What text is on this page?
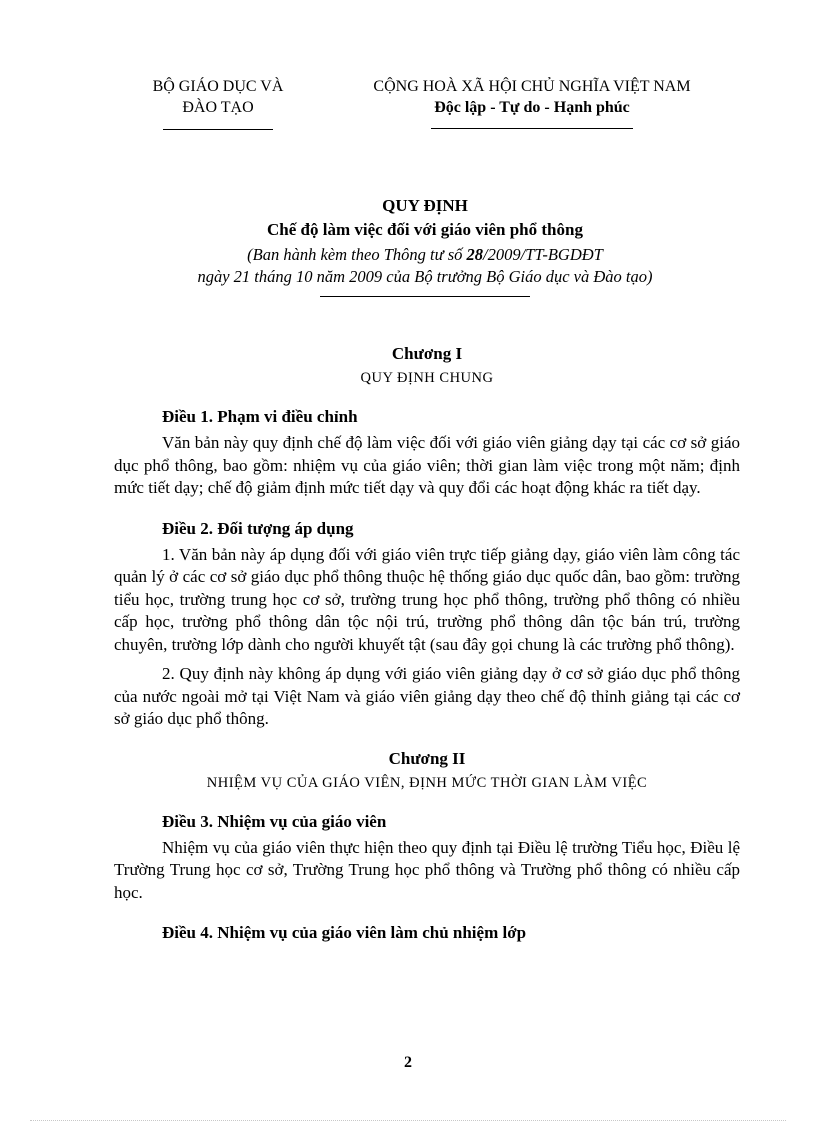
BỘ GIÁO DỤC VÀ
ĐÀO TẠO
CỘNG HOÀ XÃ HỘI CHỦ NGHĨA VIỆT NAM
Độc lập - Tự do - Hạnh phúc
QUY ĐỊNH
Chế độ làm việc đối với giáo viên phổ thông
(Ban hành kèm theo Thông tư số 28/2009/TT-BGDĐT
ngày 21 tháng 10 năm 2009 của Bộ trưởng Bộ Giáo dục và Đào tạo)
Chương I
QUY ĐỊNH CHUNG
Điều 1. Phạm vi điều chỉnh

Văn bản này quy định chế độ làm việc đối với giáo viên giảng dạy tại các cơ sở giáo dục phổ thông, bao gồm: nhiệm vụ của giáo viên; thời gian làm việc trong một năm; định mức tiết dạy; chế độ giảm định mức tiết dạy và quy đổi các hoạt động khác ra tiết dạy.

Điều 2. Đối tượng áp dụng

1. Văn bản này áp dụng đối với giáo viên trực tiếp giảng dạy, giáo viên làm công tác quản lý ở các cơ sở giáo dục phổ thông thuộc hệ thống giáo dục quốc dân, bao gồm: trường tiểu học, trường trung học cơ sở, trường trung học phổ thông, trường phổ thông có nhiều cấp học, trường phổ thông dân tộc nội trú, trường phổ thông dân tộc bán trú, trường chuyên, trường lớp dành cho người khuyết tật (sau đây gọi chung là các trường phổ thông).

2. Quy định này không áp dụng với giáo viên giảng dạy ở cơ sở giáo dục phổ thông của nước ngoài mở tại Việt Nam và giáo viên giảng dạy theo chế độ thỉnh giảng tại các cơ sở giáo dục phổ thông.

Chương II
NHIỆM VỤ CỦA GIÁO VIÊN, ĐỊNH MỨC THỜI GIAN LÀM VIỆC
Điều 3. Nhiệm vụ của giáo viên

Nhiệm vụ của giáo viên thực hiện theo quy định tại Điều lệ trường Tiểu học, Điều lệ Trường Trung học cơ sở, Trường Trung học phổ thông và Trường phổ thông có nhiều cấp học.

Điều 4. Nhiệm vụ của giáo viên làm chủ nhiệm lớp
2
